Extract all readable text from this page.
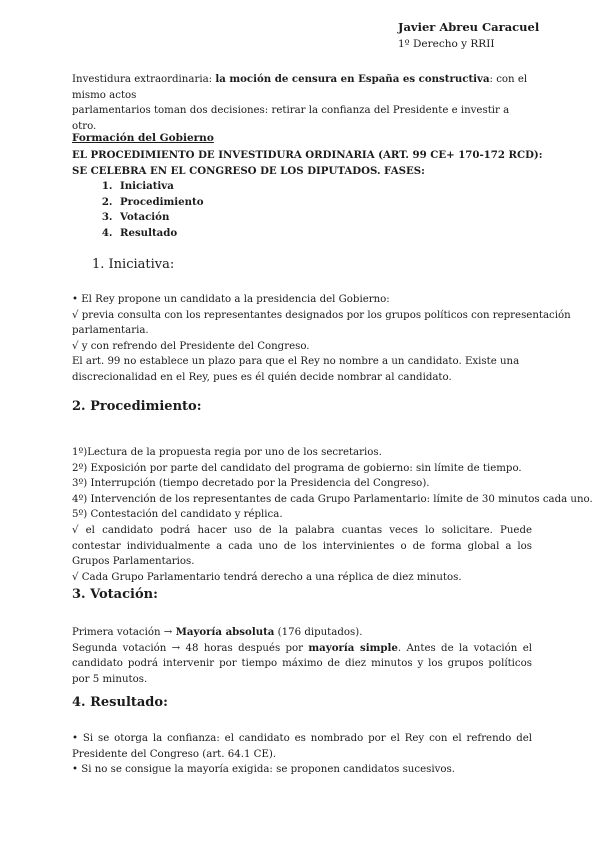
Javier Abreu Caracuel
1º Derecho y RRII

Investidura extraordinaria: la moción de censura en España es constructiva: con el mismo actos
parlamentarios toman dos decisiones: retirar la confianza del Presidente e investir a otro.

Formación del Gobierno
EL PROCEDIMIENTO DE INVESTIDURA ORDINARIA (ART. 99 CE+ 170-172 RCD):
SE CELEBRA EN EL CONGRESO DE LOS DIPUTADOS. FASES:
1. Iniciativa
2. Procedimiento
3. Votación
4. Resultado
1. Iniciativa:
• El Rey propone un candidato a la presidencia del Gobierno:
√ previa consulta con los representantes designados por los grupos políticos con representación
parlamentaria.
√ y con refrendo del Presidente del Congreso.
El art. 99 no establece un plazo para que el Rey no nombre a un candidato. Existe una
discrecionalidad en el Rey, pues es él quién decide nombrar al candidato.
2. Procedimiento:
1º)Lectura de la propuesta regia por uno de los secretarios.
2º) Exposición por parte del candidato del programa de gobierno: sin límite de tiempo.
3º) Interrupción (tiempo decretado por la Presidencia del Congreso).
4º) Intervención de los representantes de cada Grupo Parlamentario: límite de 30 minutos cada uno.
5º) Contestación del candidato y réplica.
√ el candidato podrá hacer uso de la palabra cuantas veces lo solicitare. Puede contestar individualmente a cada uno de los intervinientes o de forma global a los Grupos Parlamentarios.
√ Cada Grupo Parlamentario tendrá derecho a una réplica de diez minutos.
3. Votación:
Primera votación → Mayoría absoluta (176 diputados).
Segunda votación → 48 horas después por mayoría simple. Antes de la votación el candidato podrá intervenir por tiempo máximo de diez minutos y los grupos políticos por 5 minutos.
4. Resultado:
• Si se otorga la confianza: el candidato es nombrado por el Rey con el refrendo del Presidente del Congreso (art. 64.1 CE).
• Si no se consigue la mayoría exigida: se proponen candidatos sucesivos.
